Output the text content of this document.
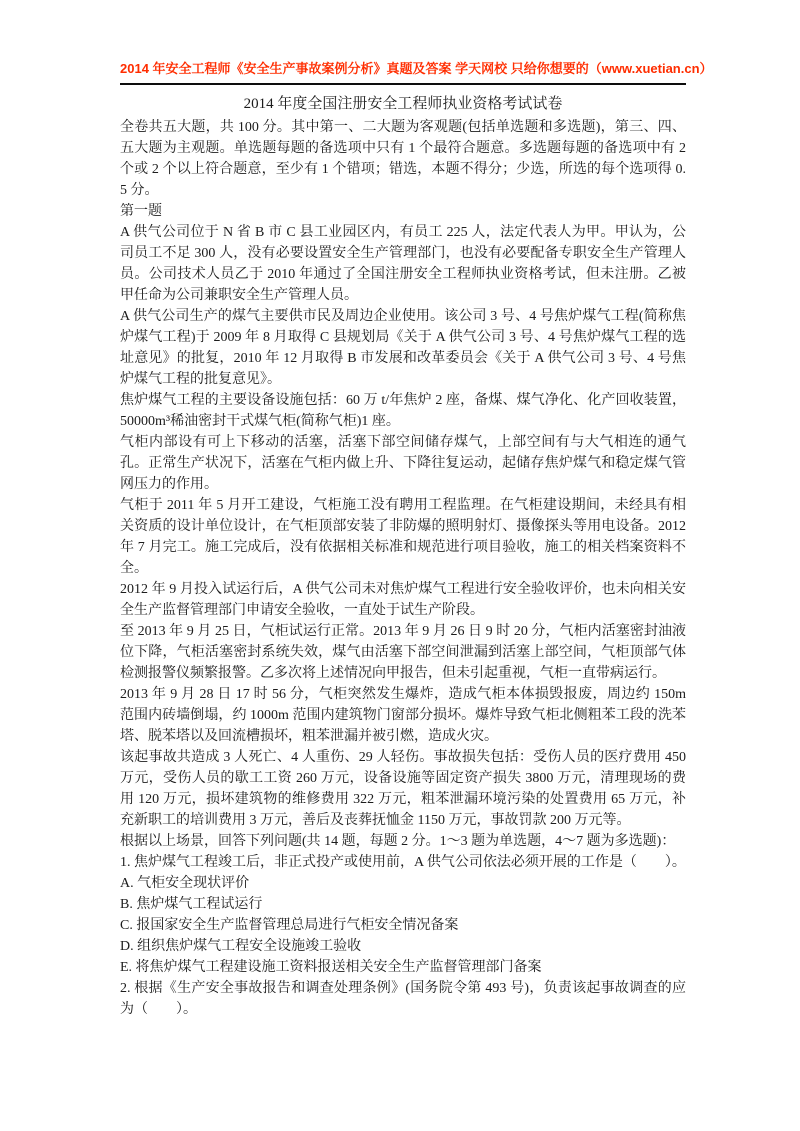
2014 年安全工程师《安全生产事故案例分析》真题及答案 学天网校 只给你想要的（www.xuetian.cn）
2014 年度全国注册安全工程师执业资格考试试卷

全卷共五大题，共 100 分。其中第一、二大题为客观题(包括单选题和多选题)，第三、四、五大题为主观题。单选题每题的备选项中只有 1 个最符合题意。多选题每题的备选项中有 2 个或 2 个以上符合题意，至少有 1 个错项；错选，本题不得分；少选，所选的每个选项得 0.5 分。

第一题

A 供气公司位于 N 省 B 市 C 县工业园区内，有员工 225 人，法定代表人为甲。甲认为，公司员工不足 300 人，没有必要设置安全生产管理部门，也没有必要配备专职安全生产管理人员。公司技术人员乙于 2010 年通过了全国注册安全工程师执业资格考试，但未注册。乙被甲任命为公司兼职安全生产管理人员。

A 供气公司生产的煤气主要供市民及周边企业使用。该公司 3 号、4 号焦炉煤气工程(简称焦炉煤气工程)于 2009 年 8 月取得 C 县规划局《关于 A 供气公司 3 号、4 号焦炉煤气工程的选址意见》的批复，2010 年 12 月取得 B 市发展和改革委员会《关于 A 供气公司 3 号、4 号焦炉煤气工程的批复意见》。

焦炉煤气工程的主要设备设施包括：60 万 t/年焦炉 2 座，备煤、煤气净化、化产回收装置，50000m³稀油密封干式煤气柜(简称气柜)1 座。

气柜内部设有可上下移动的活塞，活塞下部空间储存煤气，上部空间有与大气相连的通气孔。正常生产状况下，活塞在气柜内做上升、下降往复运动，起储存焦炉煤气和稳定煤气管网压力的作用。

气柜于 2011 年 5 月开工建设，气柜施工没有聘用工程监理。在气柜建设期间，未经具有相关资质的设计单位设计，在气柜顶部安装了非防爆的照明射灯、摄像探头等用电设备。2012 年 7 月完工。施工完成后，没有依据相关标准和规范进行项目验收，施工的相关档案资料不全。

2012 年 9 月投入试运行后，A 供气公司未对焦炉煤气工程进行安全验收评价，也未向相关安全生产监督管理部门申请安全验收，一直处于试生产阶段。

至 2013 年 9 月 25 日，气柜试运行正常。2013 年 9 月 26 日 9 时 20 分，气柜内活塞密封油液位下降，气柜活塞密封系统失效，煤气由活塞下部空间泄漏到活塞上部空间，气柜顶部气体检测报警仪频繁报警。乙多次将上述情况向甲报告，但未引起重视，气柜一直带病运行。

2013 年 9 月 28 日 17 时 56 分，气柜突然发生爆炸，造成气柜本体损毁报废，周边约 150m 范围内砖墙倒塌，约 1000m 范围内建筑物门窗部分损坏。爆炸导致气柜北侧粗苯工段的洗苯塔、脱苯塔以及回流槽损坏，粗苯泄漏并被引燃，造成火灾。

该起事故共造成 3 人死亡、4 人重伤、29 人轻伤。事故损失包括：受伤人员的医疗费用 450 万元，受伤人员的歇工工资 260 万元，设备设施等固定资产损失 3800 万元，清理现场的费用 120 万元，损坏建筑物的维修费用 322 万元，粗苯泄漏环境污染的处置费用 65 万元，补充新职工的培训费用 3 万元，善后及丧葬抚恤金 1150 万元，事故罚款 200 万元等。

根据以上场景，回答下列问题(共 14 题，每题 2 分。1～3 题为单选题，4～7 题为多选题)：

1. 焦炉煤气工程竣工后，非正式投产或使用前，A 供气公司依法必须开展的工作是（　　）。

A. 气柜安全现状评价

B. 焦炉煤气工程试运行

C. 报国家安全生产监督管理总局进行气柜安全情况备案

D. 组织焦炉煤气工程安全设施竣工验收

E. 将焦炉煤气工程建设施工资料报送相关安全生产监督管理部门备案

2. 根据《生产安全事故报告和调查处理条例》(国务院令第 493 号)，负责该起事故调查的应为（　　）。
